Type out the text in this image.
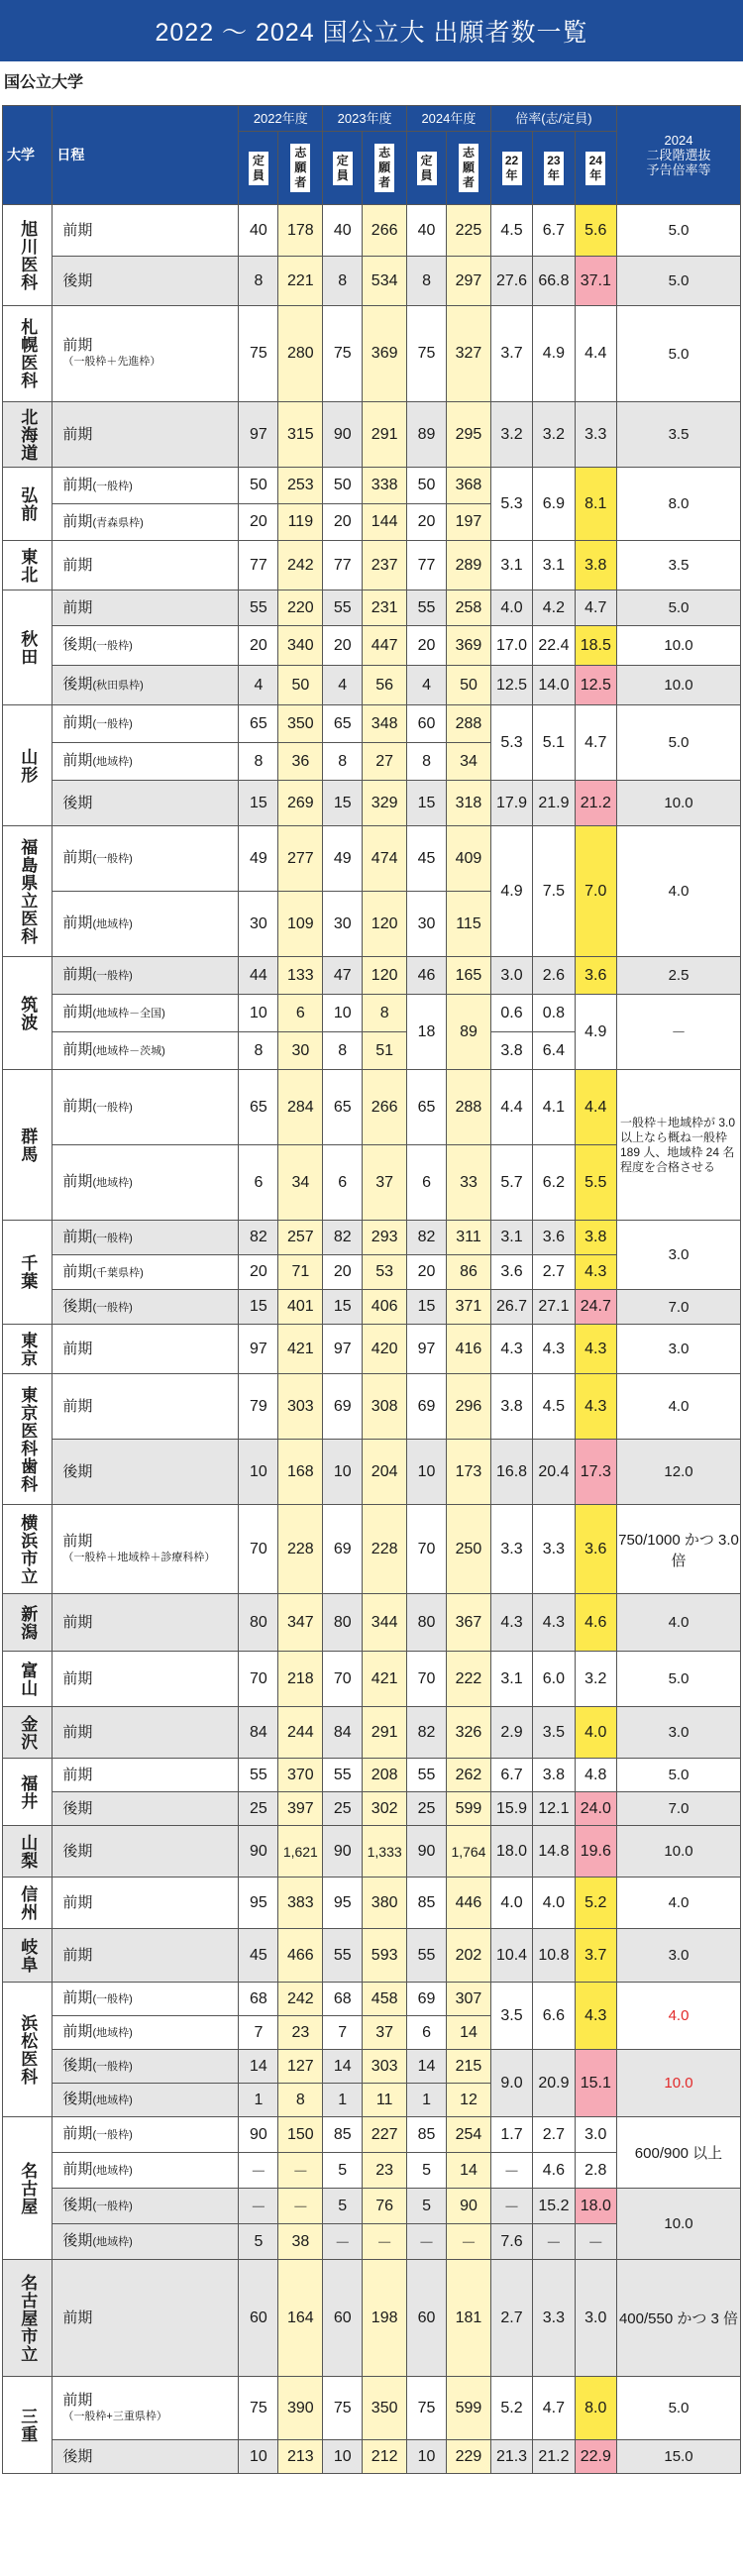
2022 ～ 2024 国公立大 出願者数一覧
国公立大学
大学	日程	2022年度		2023年度		2024年度		倍率(志/定員)			2024
二段階選抜
予告倍率等

		定員	志願者	定員	志願者	定員	志願者	22年	23年	24年	
旭川医科	前期	40	178	40	266	40	225	4.5	6.7	5.6	5.0
	後期	8	221	8	534	8	297	27.6	66.8	37.1	5.0
札幌医科	前期
（一般枠＋先進枠）	75	280	75	369	75	327	3.7	4.9	4.4	5.0
北海道	前期	97	315	90	291	89	295	3.2	3.2	3.3	3.5
弘前	前期(一般枠)	50	253	50	338	50	368	5.3	6.9	8.1	8.0
	前期(青森県枠)	20	119	20	144	20	197				
東北	前期	77	242	77	237	77	289	3.1	3.1	3.8	3.5
秋田	前期	55	220	55	231	55	258	4.0	4.2	4.7	5.0
	後期(一般枠)	20	340	20	447	20	369	17.0	22.4	18.5	10.0
	後期(秋田県枠)	4	50	4	56	4	50	12.5	14.0	12.5	10.0
山形	前期(一般枠)	65	350	65	348	60	288	5.3	5.1	4.7	5.0
	前期(地域枠)	8	36	8	27	8	34				
	後期	15	269	15	329	15	318	17.9	21.9	21.2	10.0
福島県立医科	前期(一般枠)	49	277	49	474	45	409	4.9	7.5	7.0	4.0
	前期(地域枠)	30	109	30	120	30	115				
筑波	前期(一般枠)	44	133	47	120	46	165	3.0	2.6	3.6	2.5
	前期(地域枠－全国)	10	6	10	8	18	89	0.6	0.8	4.9	－
	前期(地域枠－茨城)	8	30	8	51			3.8	6.4		
群馬	前期(一般枠)	65	284	65	266	65	288	4.4	4.1	4.4	一般枠＋地域枠が 3.0 以上なら概ね一般枠 189 人、地域枠 24 名程度を合格させる
	前期(地域枠)	6	34	6	37	6	33	5.7	6.2	5.5	
千葉	前期(一般枠)	82	257	82	293	82	311	3.1	3.6	3.8	3.0
	前期(千葉県枠)	20	71	20	53	20	86	3.6	2.7	4.3	
	後期(一般枠)	15	401	15	406	15	371	26.7	27.1	24.7	7.0
東京	前期	97	421	97	420	97	416	4.3	4.3	4.3	3.0
東京医科歯科	前期	79	303	69	308	69	296	3.8	4.5	4.3	4.0
	後期	10	168	10	204	10	173	16.8	20.4	17.3	12.0
横浜市立	前期
（一般枠＋地域枠＋診療科枠）	70	228	69	228	70	250	3.3	3.3	3.6	750/1000 かつ 3.0 倍
新潟	前期	80	347	80	344	80	367	4.3	4.3	4.6	4.0
富山	前期	70	218	70	421	70	222	3.1	6.0	3.2	5.0
金沢	前期	84	244	84	291	82	326	2.9	3.5	4.0	3.0
福井	前期	55	370	55	208	55	262	6.7	3.8	4.8	5.0
	後期	25	397	25	302	25	599	15.9	12.1	24.0	7.0
山梨	後期	90	1,621	90	1,333	90	1,764	18.0	14.8	19.6	10.0
信州	前期	95	383	95	380	85	446	4.0	4.0	5.2	4.0
岐阜	前期	45	466	55	593	55	202	10.4	10.8	3.7	3.0
浜松医科	前期(一般枠)	68	242	68	458	69	307	3.5	6.6	4.3	4.0
	前期(地域枠)	7	23	7	37	6	14				
	後期(一般枠)	14	127	14	303	14	215	9.0	20.9	15.1	10.0
	後期(地域枠)	1	8	1	11	1	12				
名古屋	前期(一般枠)	90	150	85	227	85	254	1.7	2.7	3.0	600/900 以上
	前期(地域枠)	－	－	5	23	5	14	－	4.6	2.8	
	後期(一般枠)	－	－	5	76	5	90	－	15.2	18.0	10.0
	後期(地域枠)	5	38	－	－	－	－	7.6	－	－	
名古屋市立	前期	60	164	60	198	60	181	2.7	3.3	3.0	400/550 かつ 3 倍
三重	前期
（一般枠+三重県枠）	75	390	75	350	75	599	5.2	4.7	8.0	5.0
	後期	10	213	10	212	10	229	21.3	21.2	22.9	15.0
